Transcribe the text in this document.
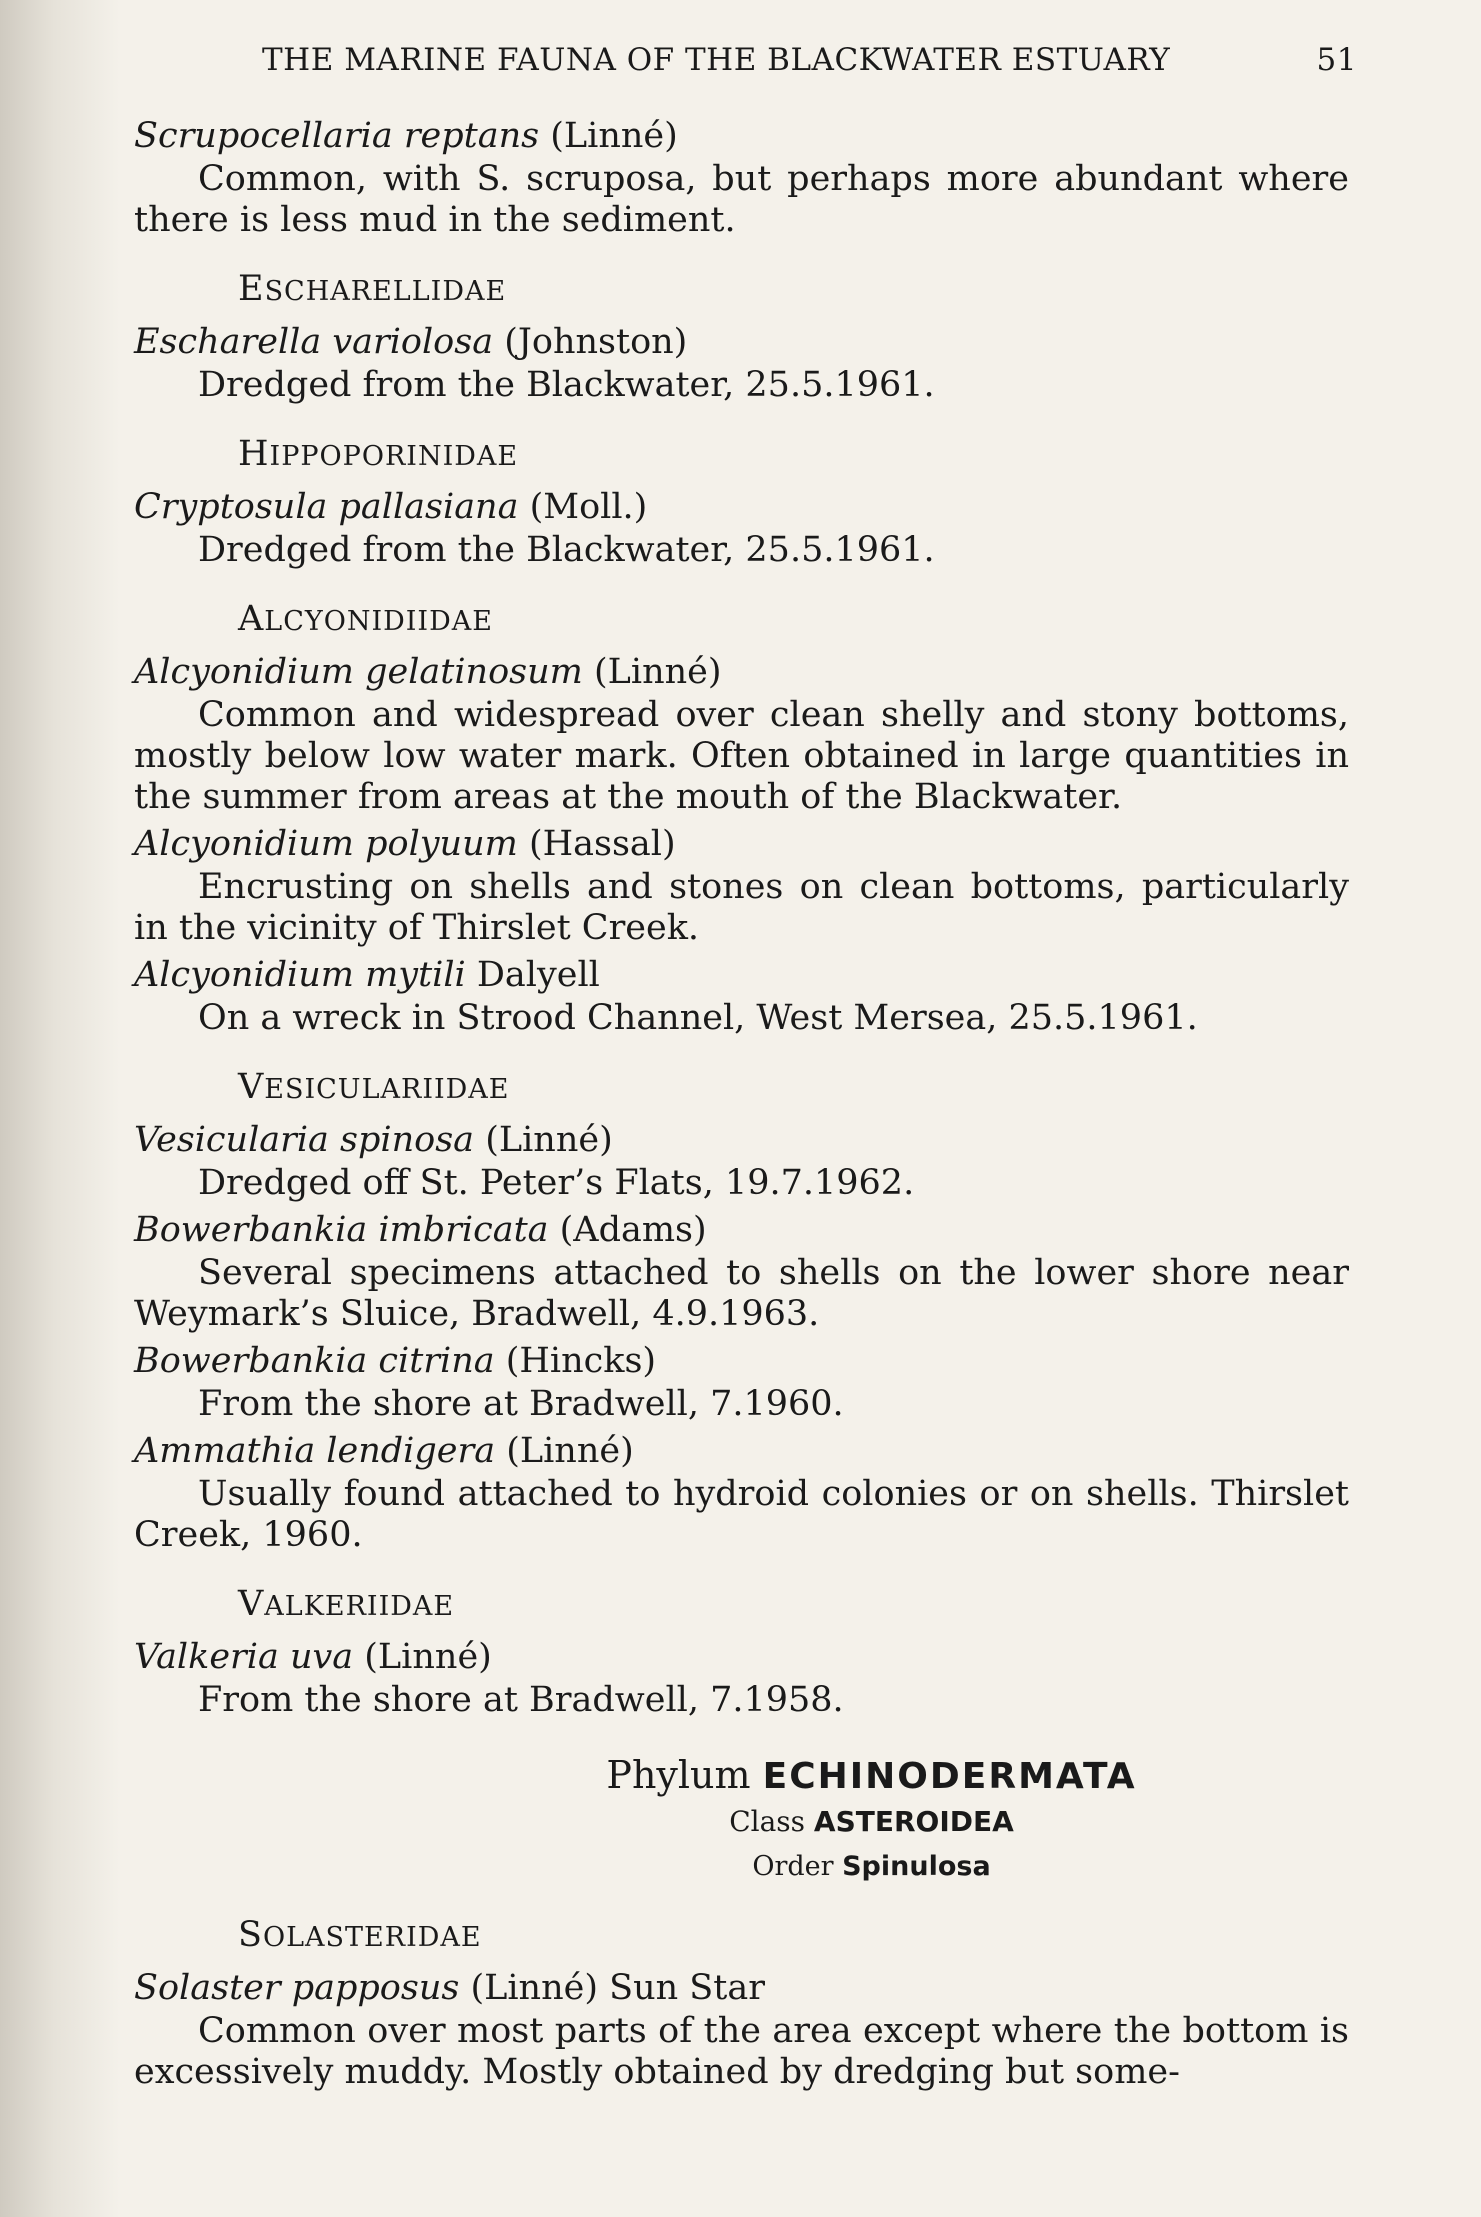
THE MARINE FAUNA OF THE BLACKWATER ESTUARY	51
Scrupocellaria reptans (Linné)
Common, with S. scruposa, but perhaps more abundant where there is less mud in the sediment.
ESCHARELLIDAE
Escharella variolosa (Johnston)
Dredged from the Blackwater, 25.5.1961.
HIPPOPORINIDAE
Cryptosula pallasiana (Moll.)
Dredged from the Blackwater, 25.5.1961.
ALCYONIDIIDAE
Alcyonidium gelatinosum (Linné)
Common and widespread over clean shelly and stony bottoms, mostly below low water mark. Often obtained in large quantities in the summer from areas at the mouth of the Blackwater.
Alcyonidium polyuum (Hassal)
Encrusting on shells and stones on clean bottoms, particularly in the vicinity of Thirslet Creek.
Alcyonidium mytili Dalyell
On a wreck in Strood Channel, West Mersea, 25.5.1961.
VESICULARIIDAE
Vesicularia spinosa (Linné)
Dredged off St. Peter’s Flats, 19.7.1962.
Bowerbankia imbricata (Adams)
Several specimens attached to shells on the lower shore near Weymark’s Sluice, Bradwell, 4.9.1963.
Bowerbankia citrina (Hincks)
From the shore at Bradwell, 7.1960.
Ammathia lendigera (Linné)
Usually found attached to hydroid colonies or on shells. Thirslet Creek, 1960.
VALKERIIDAE
Valkeria uva (Linné)
From the shore at Bradwell, 7.1958.
Phylum ECHINODERMATA
Class ASTEROIDEA
Order Spinulosa
SOLASTERIDAE
Solaster papposus (Linné) Sun Star
Common over most parts of the area except where the bottom is excessively muddy. Mostly obtained by dredging but some-
